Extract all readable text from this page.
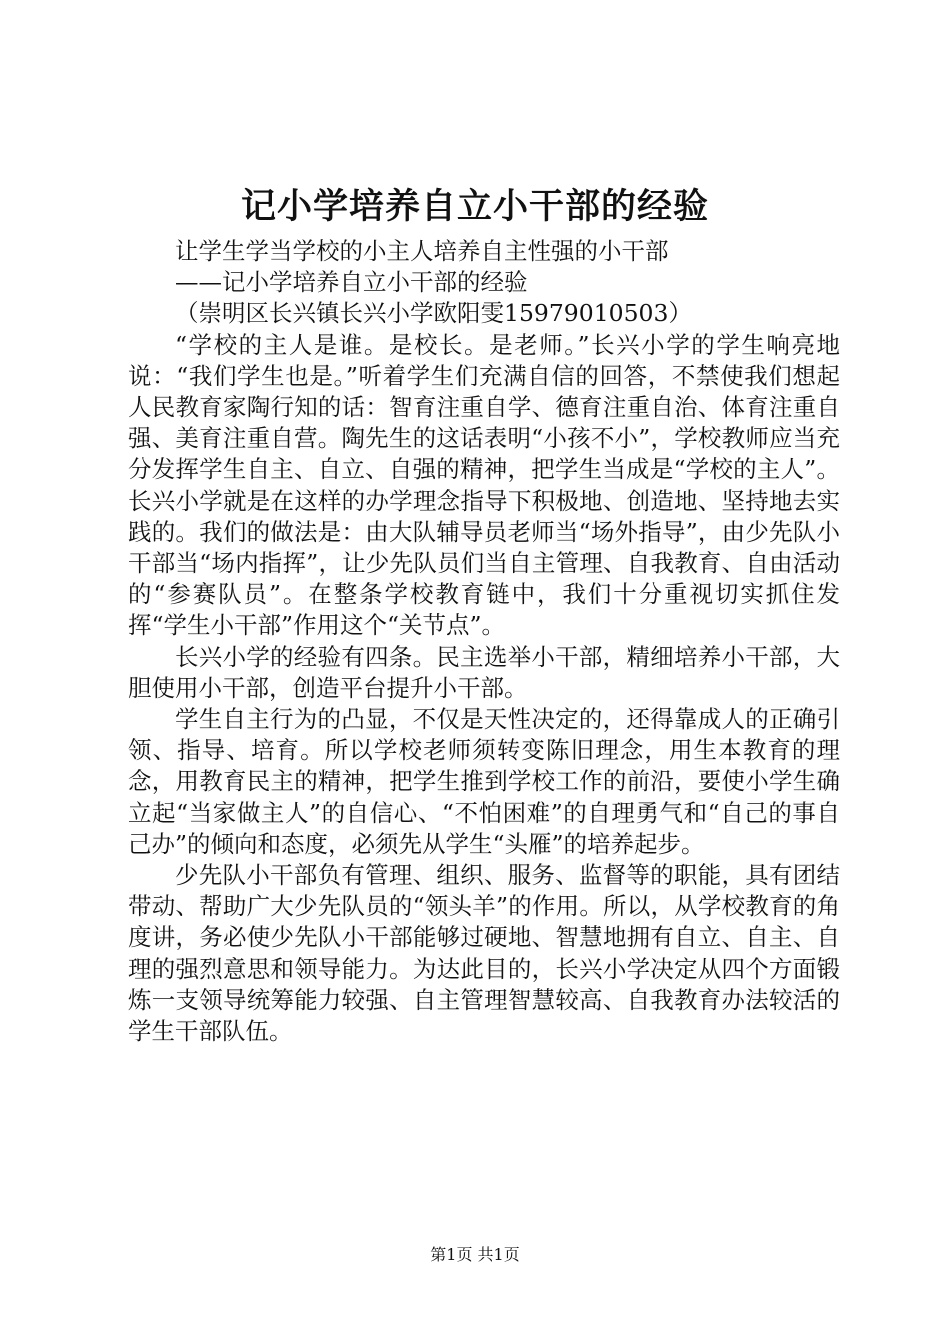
记小学培养自立小干部的经验

让学生学当学校的小主人培养自主性强的小干部

——记小学培养自立小干部的经验

（崇明区长兴镇长兴小学欧阳雯15979010503）

“学校的主人是谁。是校长。是老师。”长兴小学的学生响亮地说：“我们学生也是。”听着学生们充满自信的回答，不禁使我们想起人民教育家陶行知的话：智育注重自学、德育注重自治、体育注重自强、美育注重自营。陶先生的这话表明“小孩不小”，学校教师应当充分发挥学生自主、自立、自强的精神，把学生当成是“学校的主人”。长兴小学就是在这样的办学理念指导下积极地、创造地、坚持地去实践的。我们的做法是：由大队辅导员老师当“场外指导”，由少先队小干部当“场内指挥”，让少先队员们当自主管理、自我教育、自由活动的“参赛队员”。在整条学校教育链中，我们十分重视切实抓住发挥“学生小干部”作用这个“关节点”。

长兴小学的经验有四条。民主选举小干部，精细培养小干部，大胆使用小干部，创造平台提升小干部。

学生自主行为的凸显，不仅是天性决定的，还得靠成人的正确引领、指导、培育。所以学校老师须转变陈旧理念，用生本教育的理念，用教育民主的精神，把学生推到学校工作的前沿，要使小学生确立起“当家做主人”的自信心、“不怕困难”的自理勇气和“自己的事自己办”的倾向和态度，必须先从学生“头雁”的培养起步。

少先队小干部负有管理、组织、服务、监督等的职能，具有团结带动、帮助广大少先队员的“领头羊”的作用。所以，从学校教育的角度讲，务必使少先队小干部能够过硬地、智慧地拥有自立、自主、自理的强烈意思和领导能力。为达此目的，长兴小学决定从四个方面锻炼一支领导统筹能力较强、自主管理智慧较高、自我教育办法较活的学生干部队伍。

第1页 共1页
